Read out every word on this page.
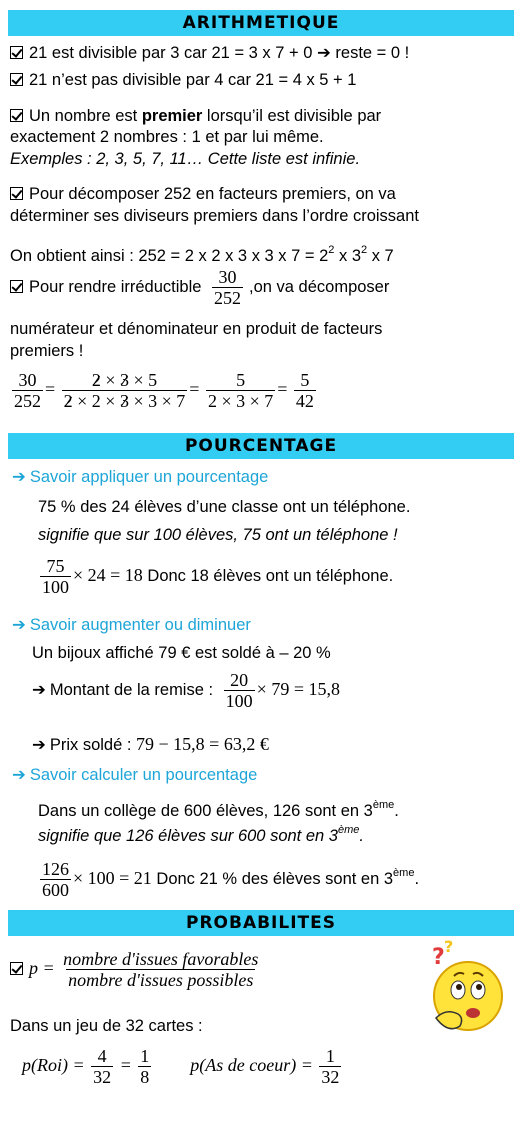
ARITHMETIQUE
21 est divisible par 3 car 21 = 3 x 7 + 0 ➔ reste = 0 !
21 n’est pas divisible par 4 car 21 = 4 x 5 + 1
Un nombre est premier lorsqu’il est divisible par
exactement 2 nombres : 1 et par lui même.
Exemples : 2, 3, 5, 7, 11… Cette liste est infinie.
Pour décomposer 252 en facteurs premiers, on va
déterminer ses diviseurs premiers dans l’ordre croissant
On obtient ainsi : 252 = 2 x 2 x 3 x 3 x $7 = 2^2$ x $3^2$ x 7
Pour rendre irréductible $\frac{30}{252} ,on$ va décomposer
numérateur et dénominateur en produit de facteurs
premiers !
$\frac{30}{252} = \frac{2 \times 3 \times 5}{2 \times 2 \times 3 \times 3 \times 7} = \frac{5}{2 \times 3 \times 7} = \frac{5}{42}$
POURCENTAGE
➔ Savoir appliquer un pourcentage
75 % des 24 élèves d’une classe ont un téléphone.
signifie que sur 100 élèves, 75 ont un téléphone !
$\frac{75}{100} \times 24 = 18$ Donc 18 élèves ont un téléphone.
➔ Savoir augmenter ou diminuer
Un bijoux affiché 79 € est soldé à – 20 %
➔ Montant de la remise : $\frac{20}{100} \times 79 = 15,8$
➔ Prix soldé : 79 − 15,8 = 63,2 €
➔ Savoir calculer un pourcentage
Dans un collège de 600 élèves, 126 sont en 3ème.
signifie que 126 élèves sur 600 sont en 3ème.
$\frac{126}{600} \times 100 = 21$ Donc 21 % des élèves sont en 3ème.
PROBABILITES
$p = \frac{\text{nombre d'issues favorables}}{\text{nombre d'issues possibles}}$	? ?
Dans un jeu de 32 cartes :
$p(Roi) = \frac{4}{32} = \frac{1}{8} p(As$ de coeur) = $\frac{1}{32}$
